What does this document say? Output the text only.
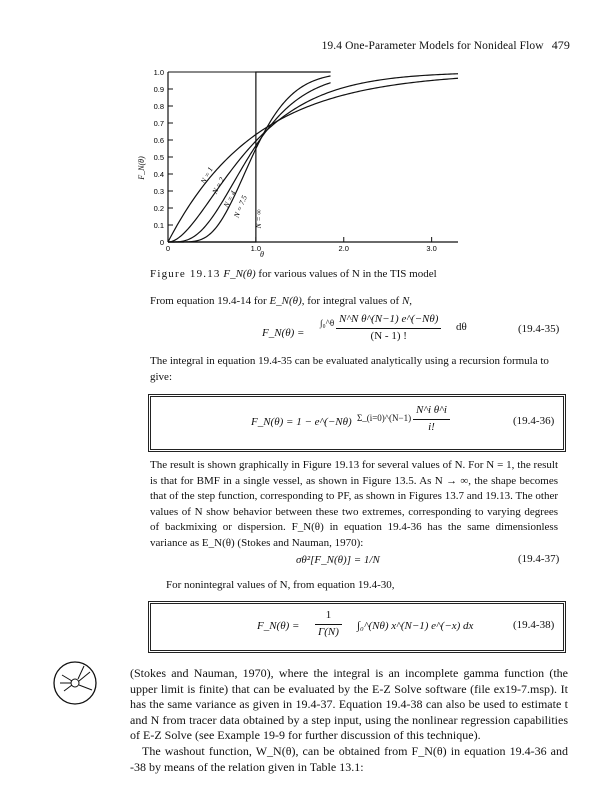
19.4 One-Parameter Models for Nonideal Flow 479
0
0.1
0.2
0.3
0.4
0.5
0.6
0.7
0.8
0.9
1.0
0	1.0	2.0	3.0
N = 1
N = 2
N = 4
N = 7.5 N = ∞
F_N(θ)
θ
Figure 19.13 F_N(θ) for various values of N in the TIS model
From equation 19.4-14 for E_N(θ), for integral values of N,
F_N(θ) =
∫₀^θ $\frac{\text{N\textasciicircum{}N θ\textasciicircum{}(N−1) e\textasciicircum{}(−Nθ)}}{(N - 1) !}$ dθ	(19.4-35)
The integral in equation 19.4-35 can be evaluated analytically using a recursion formula to give:
F_N(θ) = 1 − e^(−Nθ) Σ_(i=0)^(N−1) $\frac{\text{N\textasciicircum{}i θ\textasciicircum{}i}}{i!}$	(19.4-36)
The result is shown graphically in Figure 19.13 for several values of N. For N = 1, the result is that for BMF in a single vessel, as shown in Figure 13.5. As N → ∞, the shape becomes that of the step function, corresponding to PF, as shown in Figures 13.7 and 19.13. The other values of N show behavior between these two extremes, corresponding to varying degrees of backmixing or dispersion. F_N(θ) in equation 19.4-36 has the same dimensionless variance as E_N(θ) (Stokes and Nauman, 1970):
σθ²[F_N(θ)] = 1/N	(19.4-37)
For nonintegral values of N, from equation 19.4-30,
F_N(θ) = $\frac{1}{\Gamma(N)}$ ∫₀^(Nθ) x^(N−1) e^(−x) dx	(19.4-38)
(Stokes and Nauman, 1970), where the integral is an incomplete gamma function (the upper limit is finite) that can be evaluated by the E-Z Solve software (file ex19-7.msp). It has the same variance as given in 19.4-37. Equation 19.4-38 can also be used to estimate t and N from tracer data obtained by a step input, using the nonlinear regression capabilities of E-Z Solve (see Example 19-9 for further discussion of this technique).
The washout function, W_N(θ), can be obtained from F_N(θ) in equation 19.4-36 and -38 by means of the relation given in Table 13.1:
